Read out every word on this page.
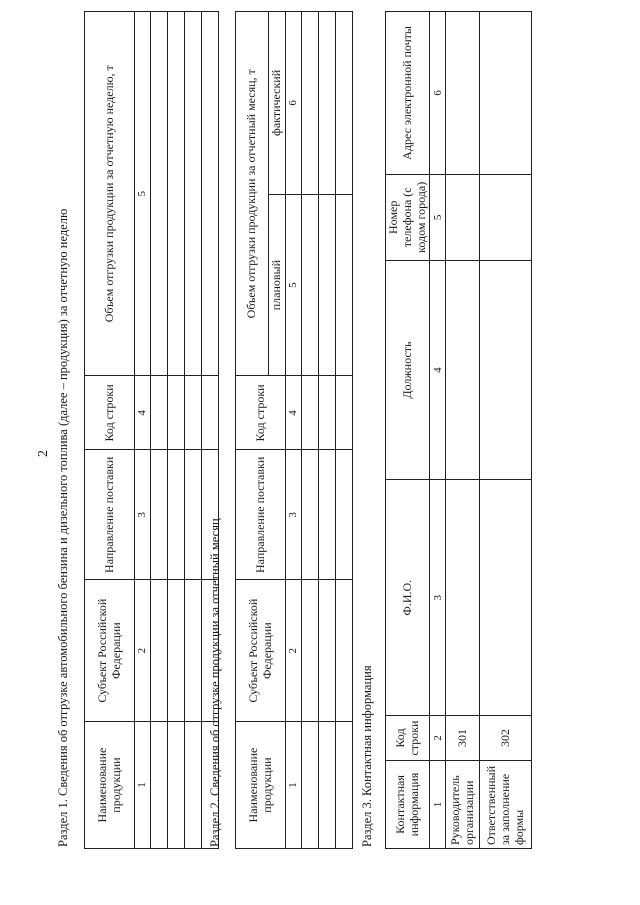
2 Раздел 1. Сведения об отгрузке автомобильного бензина и дизельного топлива (далее – продукция) за отчетную неделю Наименование продукции	Субъект Российской Федерации	Направление поставки	Код строки	Объем отгрузки продукции за отчетную неделю, т
1	2	3	4	5

Раздел 2. Сведения об отгрузке продукции за отчетный месяц Наименование продукции	Субъект Российской Федерации	Направление поставки	Код строки	Объем отгрузки продукции за отчетный месяц, т	
				плановый	фактический
1	2	3	4	5	6

Раздел 3. Контактная информация Контактная информация	Код строки	Ф.И.О.	Должность	Номер телефона (с кодом города)	Адрес электронной почты
1	2	3	4	5	6
Руководитель организации	301				
Ответственный за заполнение формы	302				
